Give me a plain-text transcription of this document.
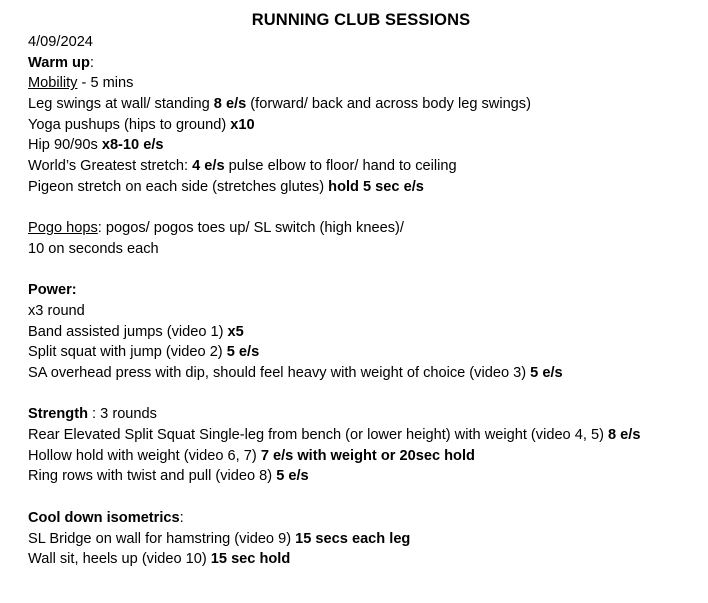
RUNNING CLUB SESSIONS
4/09/2024
Warm up:
Mobility - 5 mins
Leg swings at wall/ standing 8 e/s (forward/ back and across body leg swings)
Yoga pushups (hips to ground) x10
Hip 90/90s x8-10 e/s
World’s Greatest stretch: 4 e/s pulse elbow to floor/ hand to ceiling
Pigeon stretch on each side (stretches glutes) hold 5 sec e/s
Pogo hops: pogos/ pogos toes up/ SL switch (high knees)/
10 on seconds each
Power:
x3 round
Band assisted jumps (video 1) x5
Split squat with jump (video 2) 5 e/s
SA overhead press with dip, should feel heavy with weight of choice (video 3) 5 e/s
Strength : 3 rounds
Rear Elevated Split Squat Single-leg from bench (or lower height) with weight (video 4, 5) 8 e/s
Hollow hold with weight (video 6, 7) 7 e/s with weight or 20sec hold
Ring rows with twist and pull (video 8) 5 e/s
Cool down isometrics:
SL Bridge on wall for hamstring (video 9) 15 secs each leg
Wall sit, heels up (video 10) 15 sec hold
